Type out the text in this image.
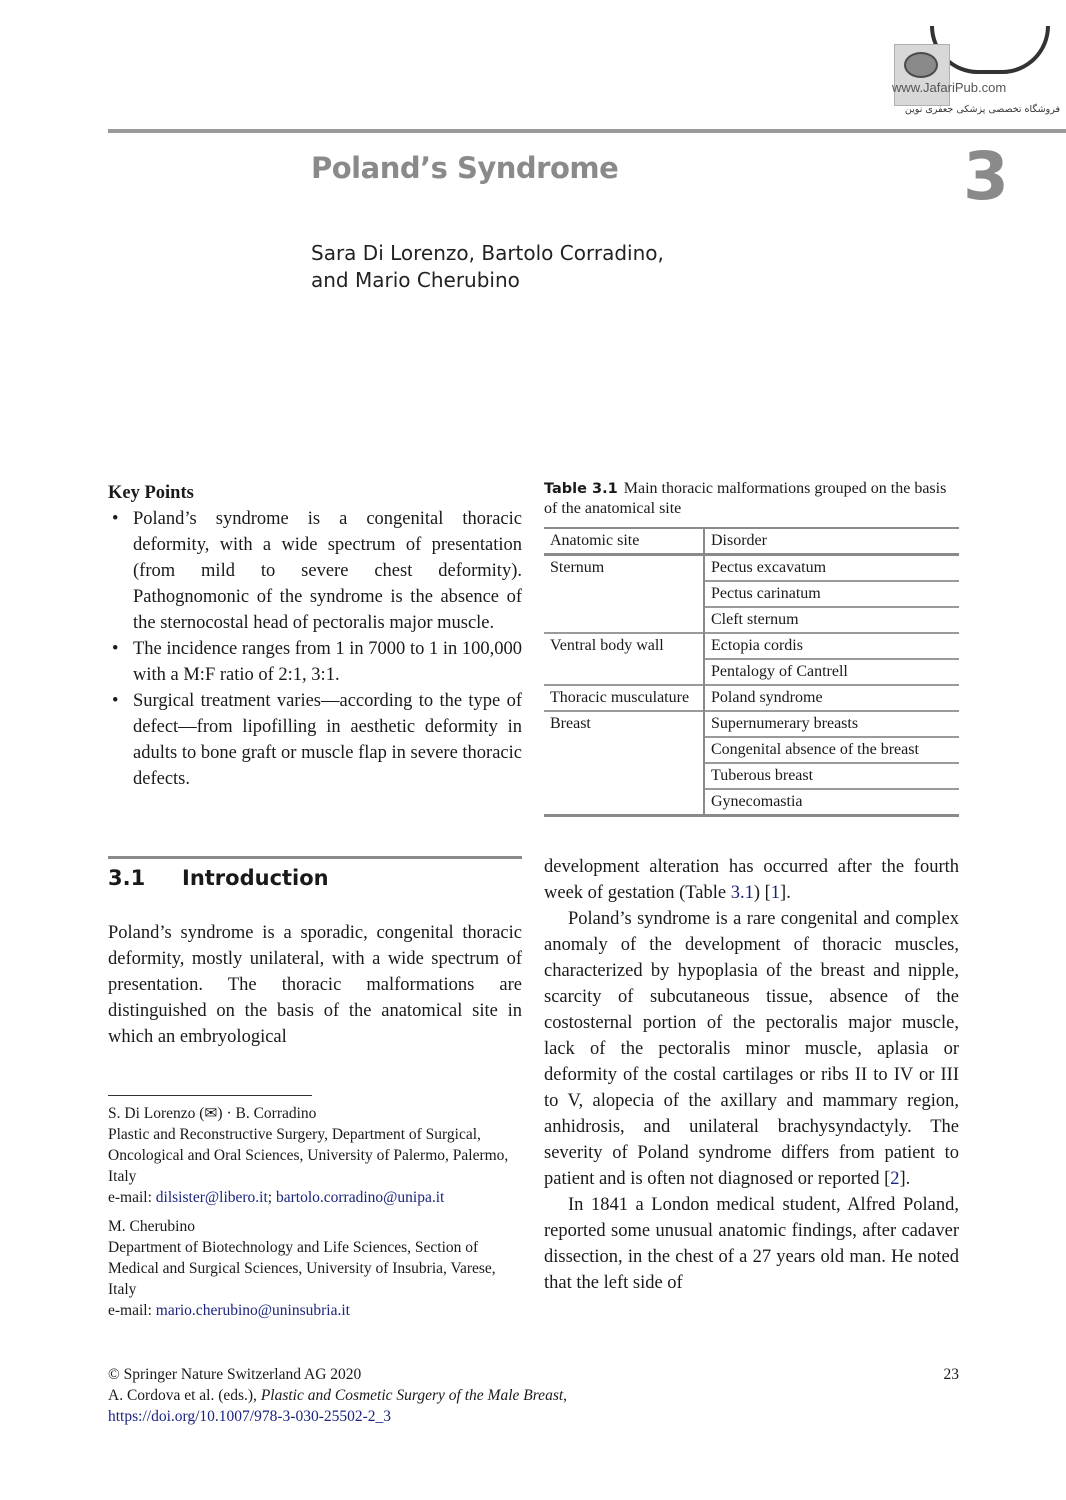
www.JafariPub.com
فروشگاه تخصصی پزشکی جعفری نوین
Poland’s Syndrome	3
Sara Di Lorenzo, Bartolo Corradino,
and Mario Cherubino
Key Points
• Poland’s syndrome is a congenital thoracic deformity, with a wide spectrum of presentation (from mild to severe chest deformity). Pathognomonic of the syndrome is the absence of the sternocostal head of pectoralis major muscle.
• The incidence ranges from 1 in 7000 to 1 in 100,000 with a M:F ratio of 2:1, 3:1.
• Surgical treatment varies—according to the type of defect—from lipofilling in aesthetic deformity in adults to bone graft or muscle flap in severe thoracic defects.
Table 3.1 Main thoracic malformations grouped on the basis of the anatomical site
Anatomic site	Disorder
Sternum	Pectus excavatum
	Pectus carinatum
	Cleft sternum
Ventral body wall	Ectopia cordis
	Pentalogy of Cantrell
Thoracic musculature	Poland syndrome
Breast	Supernumerary breasts
	Congenital absence of the breast
	Tuberous breast
	Gynecomastia
3.1 Introduction

Poland’s syndrome is a sporadic, congenital thoracic deformity, mostly unilateral, with a wide spectrum of presentation. The thoracic malformations are distinguished on the basis of the anatomical site in which an embryological

development alteration has occurred after the fourth week of gestation (Table 3.1) [1].

Poland’s syndrome is a rare congenital and complex anomaly of the development of thoracic muscles, characterized by hypoplasia of the breast and nipple, scarcity of subcutaneous tissue, absence of the costosternal portion of the pectoralis major muscle, lack of the pectoralis minor muscle, aplasia or deformity of the costal cartilages or ribs II to IV or III to V, alopecia of the axillary and mammary region, anhidrosis, and unilateral brachysyndactyly. The severity of Poland syndrome differs from patient to patient and is often not diagnosed or reported [2].

In 1841 a London medical student, Alfred Poland, reported some unusual anatomic findings, after cadaver dissection, in the chest of a 27 years old man. He noted that the left side of

S. Di Lorenzo (✉) · B. Corradino
Plastic and Reconstructive Surgery, Department of Surgical, Oncological and Oral Sciences, University of Palermo, Palermo, Italy
e-mail: dilsister@libero.it; bartolo.corradino@unipa.it
M. Cherubino
Department of Biotechnology and Life Sciences, Section of Medical and Surgical Sciences, University of Insubria, Varese, Italy
e-mail: mario.cherubino@uninsubria.it
© Springer Nature Switzerland AG 2020
A. Cordova et al. (eds.), Plastic and Cosmetic Surgery of the Male Breast,
https://doi.org/10.1007/978-3-030-25502-2_3
23
